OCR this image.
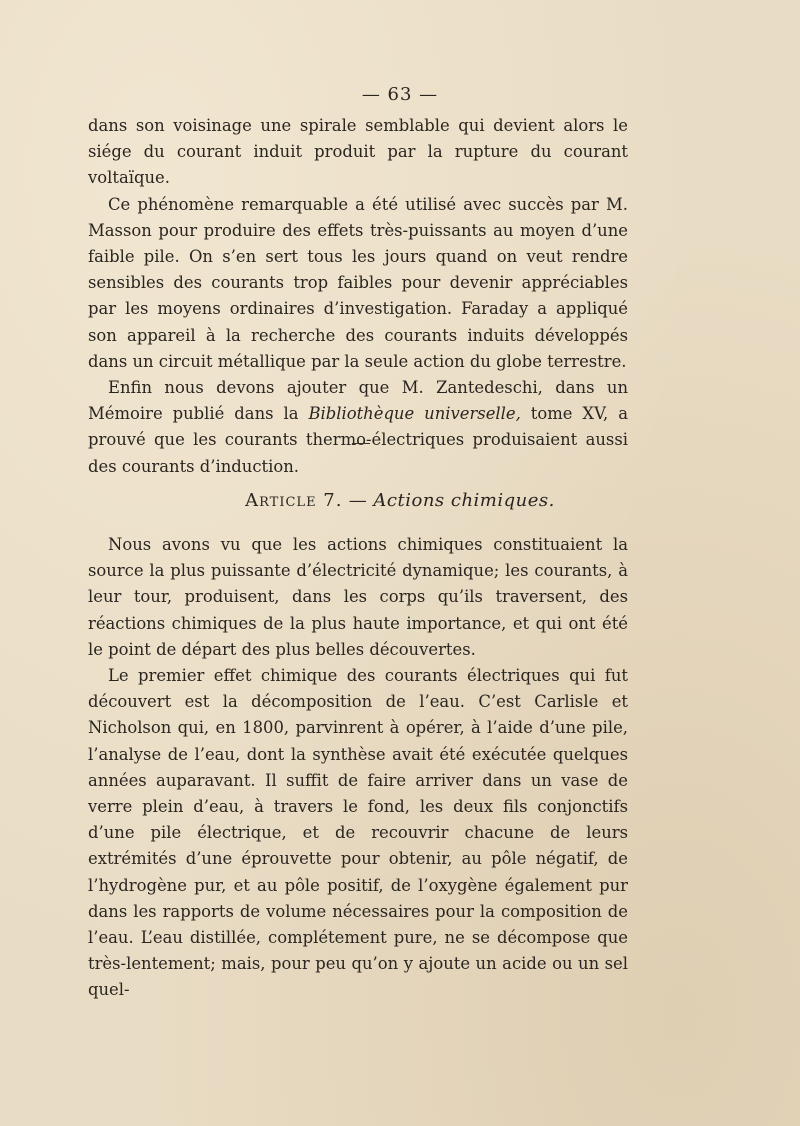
— 63 —

dans son voisinage une spirale semblable qui devient alors le siége du courant induit produit par la rupture du courant voltaïque.

Ce phénomène remarquable a été utilisé avec succès par M. Masson pour produire des effets très-puissants au moyen d’une faible pile. On s’en sert tous les jours quand on veut rendre sensibles des courants trop faibles pour devenir appréciables par les moyens ordinaires d’investigation. Faraday a appliqué son appareil à la recherche des courants induits développés dans un circuit métallique par la seule action du globe terrestre.

Enfin nous devons ajouter que M. Zantedeschi, dans un Mémoire publié dans la Bibliothèque universelle, tome XV, a prouvé que les courants thermo-électriques produisaient aussi des courants d’induction.

Article 7. — Actions chimiques.

Nous avons vu que les actions chimiques constituaient la source la plus puissante d’électricité dynamique; les courants, à leur tour, produisent, dans les corps qu’ils traversent, des réactions chimiques de la plus haute importance, et qui ont été le point de départ des plus belles découvertes.

Le premier effet chimique des courants électriques qui fut découvert est la décomposition de l’eau. C’est Carlisle et Nicholson qui, en 1800, parvinrent à opérer, à l’aide d’une pile, l’analyse de l’eau, dont la synthèse avait été exécutée quelques années auparavant. Il suffit de faire arriver dans un vase de verre plein d’eau, à travers le fond, les deux fils conjonctifs d’une pile électrique, et de recouvrir chacune de leurs extrémités d’une éprouvette pour obtenir, au pôle négatif, de l’hydrogène pur, et au pôle positif, de l’oxygène également pur dans les rapports de volume nécessaires pour la composition de l’eau. L’eau distillée, complétement pure, ne se décompose que très-lentement; mais, pour peu qu’on y ajoute un acide ou un sel quel-
